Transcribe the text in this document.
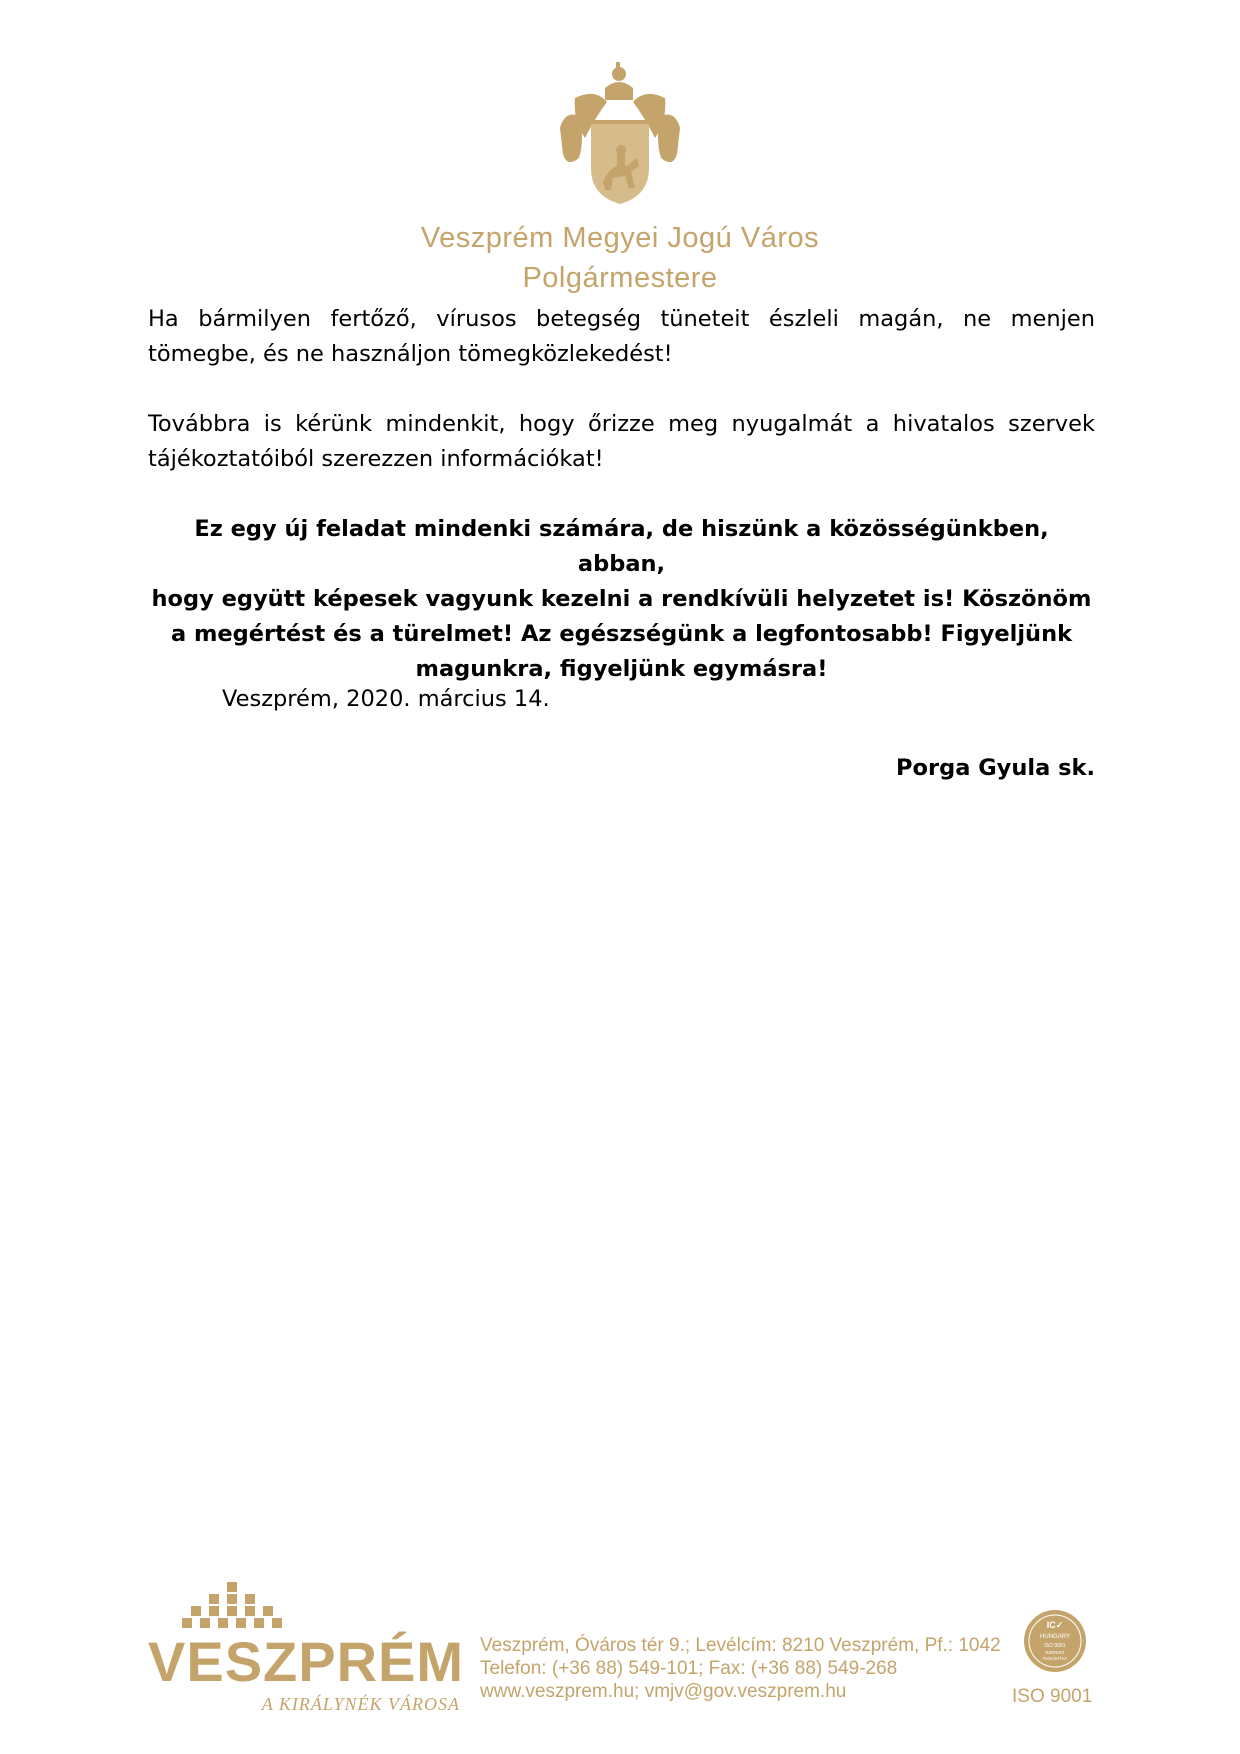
Veszprém Megyei Jogú Város
Polgármestere
Ha bármilyen fertőző, vírusos betegség tüneteit észleli magán, ne menjen tömegbe, és ne használjon tömegközlekedést!
Továbbra is kérünk mindenkit, hogy őrizze meg nyugalmát a hivatalos szervek tájékoztatóiból szerezzen információkat!
Ez egy új feladat mindenki számára, de hiszünk a közösségünkben, abban,
hogy együtt képesek vagyunk kezelni a rendkívüli helyzetet is! Köszönöm
a megértést és a türelmet! Az egészségünk a legfontosabb! Figyeljünk
magunkra, figyeljünk egymásra!
Veszprém, 2020. március 14.
Porga Gyula sk.
VESZPRÉM
A KIRÁLYNÉK VÁROSA
Veszprém, Óváros tér 9.; Levélcím: 8210 Veszprém, Pf.: 1042
Telefon: (+36 88) 549-101; Fax: (+36 88) 549-268
www.veszprem.hu; vmjv@gov.veszprem.hu
IC✓
HUNGARY
ISO 9001
SZERINT
TANÚSÍTVA
ISO 9001
